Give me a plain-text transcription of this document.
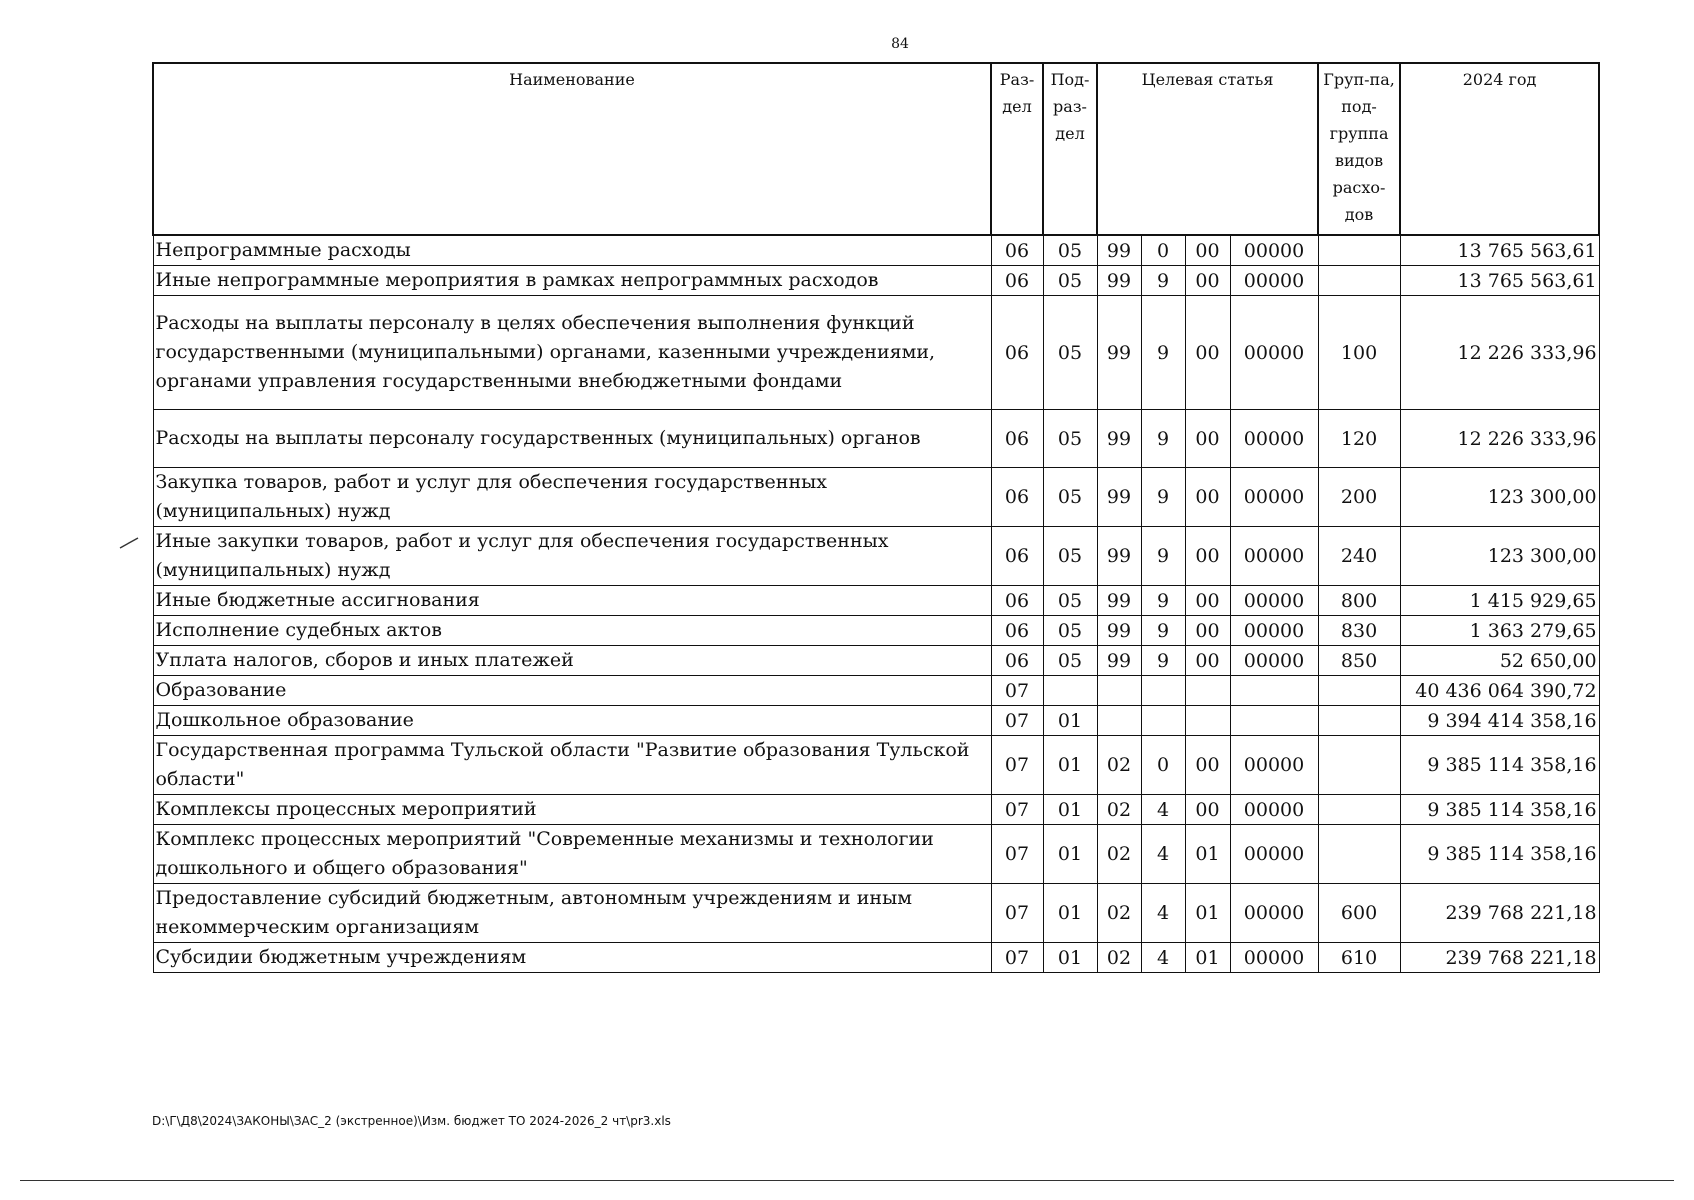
84
Наименование	Раз-дел	Под-раз-дел	Целевая статья				Груп-па, под-группа видов расхо-дов	2024 год
Непрограммные расходы	06	05	99	0	00	00000		13 765 563,61
Иные непрограммные мероприятия в рамках непрограммных расходов	06	05	99	9	00	00000		13 765 563,61
Расходы на выплаты персоналу в целях обеспечения выполнения функций государственными (муниципальными) органами, казенными учреждениями, органами управления государственными внебюджетными фондами	06	05	99	9	00	00000	100	12 226 333,96
Расходы на выплаты персоналу государственных (муниципальных) органов	06	05	99	9	00	00000	120	12 226 333,96
Закупка товаров, работ и услуг для обеспечения государственных (муниципальных) нужд	06	05	99	9	00	00000	200	123 300,00
Иные закупки товаров, работ и услуг для обеспечения государственных (муниципальных) нужд	06	05	99	9	00	00000	240	123 300,00
Иные бюджетные ассигнования	06	05	99	9	00	00000	800	1 415 929,65
Исполнение судебных актов	06	05	99	9	00	00000	830	1 363 279,65
Уплата налогов, сборов и иных платежей	06	05	99	9	00	00000	850	52 650,00
Образование	07							40 436 064 390,72
Дошкольное образование	07	01						9 394 414 358,16
Государственная программа Тульской области "Развитие образования Тульской области"	07	01	02	0	00	00000		9 385 114 358,16
Комплексы процессных мероприятий	07	01	02	4	00	00000		9 385 114 358,16
Комплекс процессных мероприятий "Современные механизмы и технологии дошкольного и общего образования"	07	01	02	4	01	00000		9 385 114 358,16
Предоставление субсидий бюджетным, автономным учреждениям и иным некоммерческим организациям	07	01	02	4	01	00000	600	239 768 221,18
Субсидии бюджетным учреждениям	07	01	02	4	01	00000	610	239 768 221,18
D:\Г\Д8\2024\ЗАКОНЫ\ЗАС_2 (экстренное)\Изм. бюджет ТО 2024-2026_2 чт\pr3.xls
